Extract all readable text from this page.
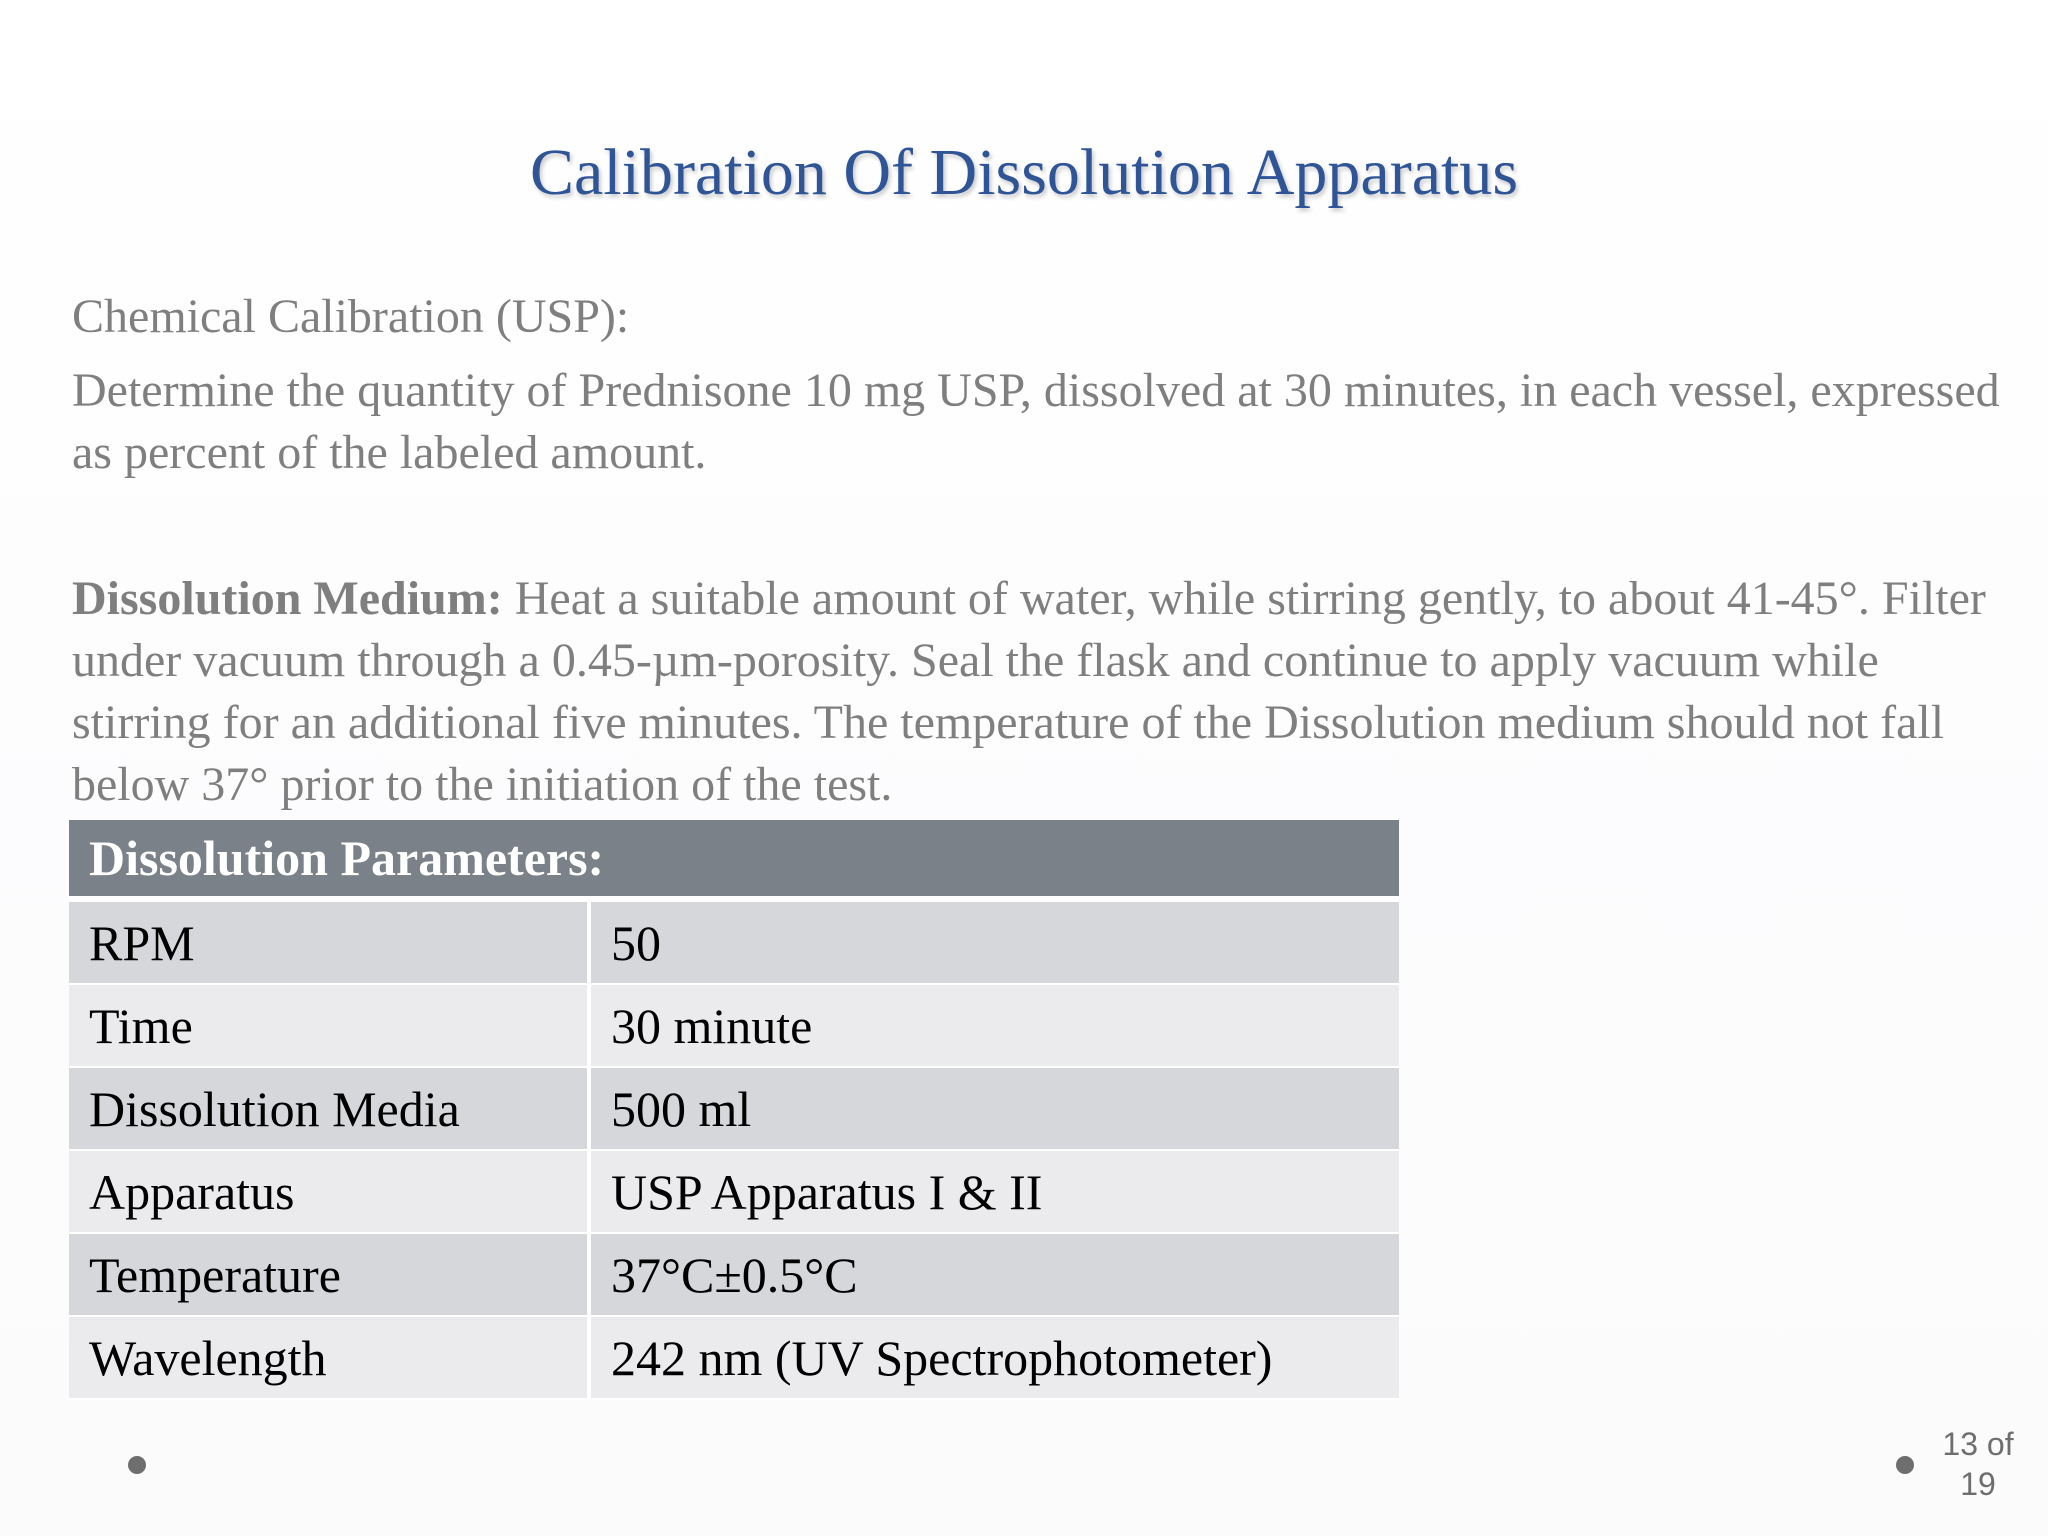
Calibration Of Dissolution Apparatus
Chemical Calibration (USP):
Determine the quantity of Prednisone 10 mg USP, dissolved at 30 minutes, in each vessel, expressed as percent of the labeled amount.
Dissolution Medium: Heat a suitable amount of water, while stirring gently, to about 41-45°. Filter under vacuum through a 0.45-µm-porosity. Seal the flask and continue to apply vacuum while stirring for an additional five minutes. The temperature of the Dissolution medium should not fall below 37° prior to the initiation of the test.
Dissolution Parameters:	
RPM	50
Time	30 minute
Dissolution Media	500 ml
Apparatus	USP Apparatus I & II
Temperature	37°C±0.5°C
Wavelength	242 nm (UV Spectrophotometer)
13 of
19
